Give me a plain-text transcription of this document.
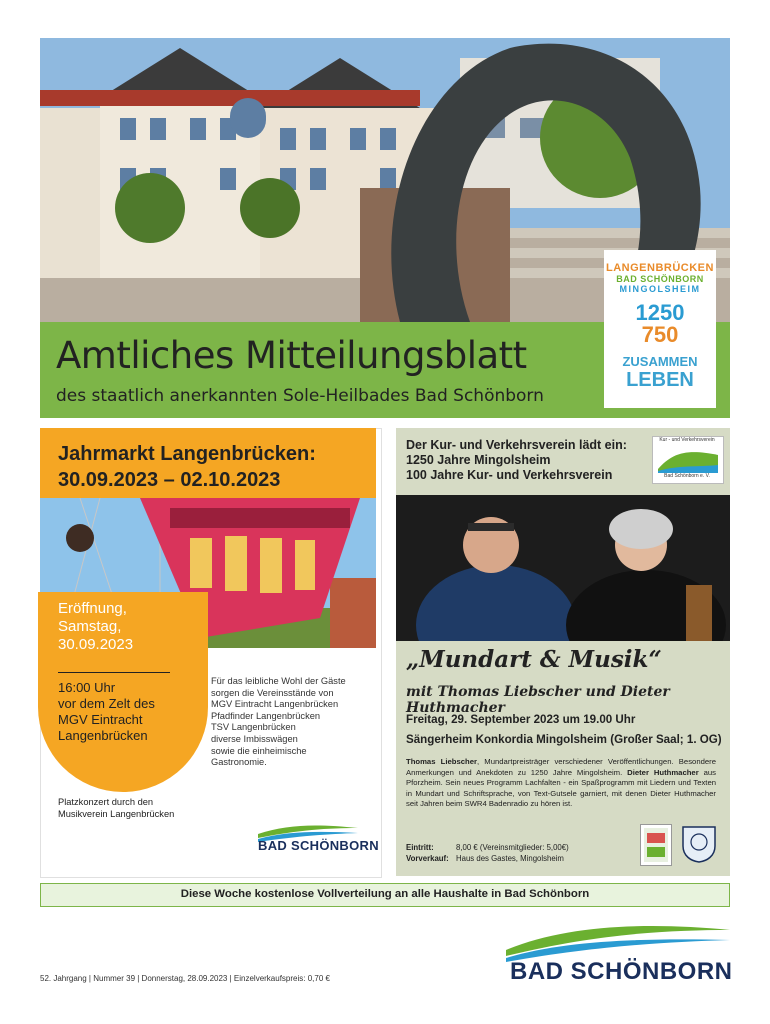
Amtliches Mitteilungsblatt
des staatlich anerkannten Sole-Heilbades Bad Schönborn
LANGENBRÜCKEN
BAD SCHÖNBORN
MINGOLSHEIM
1250
750
ZUSAMMEN
LEBEN
Jahrmarkt Langenbrücken:
30.09.2023 – 02.10.2023
Eröffnung,
Samstag,
30.09.2023
16:00 Uhr
vor dem Zelt des
MGV Eintracht
Langenbrücken
Für das leibliche Wohl der Gäste
sorgen die Vereinsstände von
MGV Eintracht Langenbrücken
Pfadfinder Langenbrücken
TSV Langenbrücken
diverse Imbisswägen
sowie die einheimische
Gastronomie.
Platzkonzert durch den
Musikverein Langenbrücken
BAD SCHÖNBORN
Der Kur- und Verkehrsverein lädt ein:
1250 Jahre Mingolsheim
100 Jahre Kur- und Verkehrsverein
Kur - und Verkehrsverein
Bad Schönborn e. V.
„Mundart & Musik“
mit Thomas Liebscher und Dieter Huthmacher
Freitag, 29. September 2023 um 19.00 Uhr
Sängerheim Konkordia Mingolsheim (Großer Saal; 1. OG)
Thomas Liebscher, Mundartpreisträger verschiedener Veröffentlichungen. Besondere Anmerkungen und Anekdoten zu 1250 Jahre Mingolsheim. Dieter Huthmacher aus Pforzheim. Sein neues Programm Lachfalten - ein Spaßprogramm mit Liedern und Texten in Mundart und Schriftsprache, von Text-Gutsele garniert, mit denen Dieter Huthmacher seit Jahren beim SWR4 Badenradio zu hören ist.
Eintritt:	8,00 € (Vereinsmitglieder: 5,00€)
Vorverkauf: Haus des Gastes, Mingolsheim
Diese Woche kostenlose Vollverteilung an alle Haushalte in Bad Schönborn
52. Jahrgang | Nummer 39 | Donnerstag, 28.09.2023 | Einzelverkaufspreis: 0,70 €	BAD SCHÖNBORN
